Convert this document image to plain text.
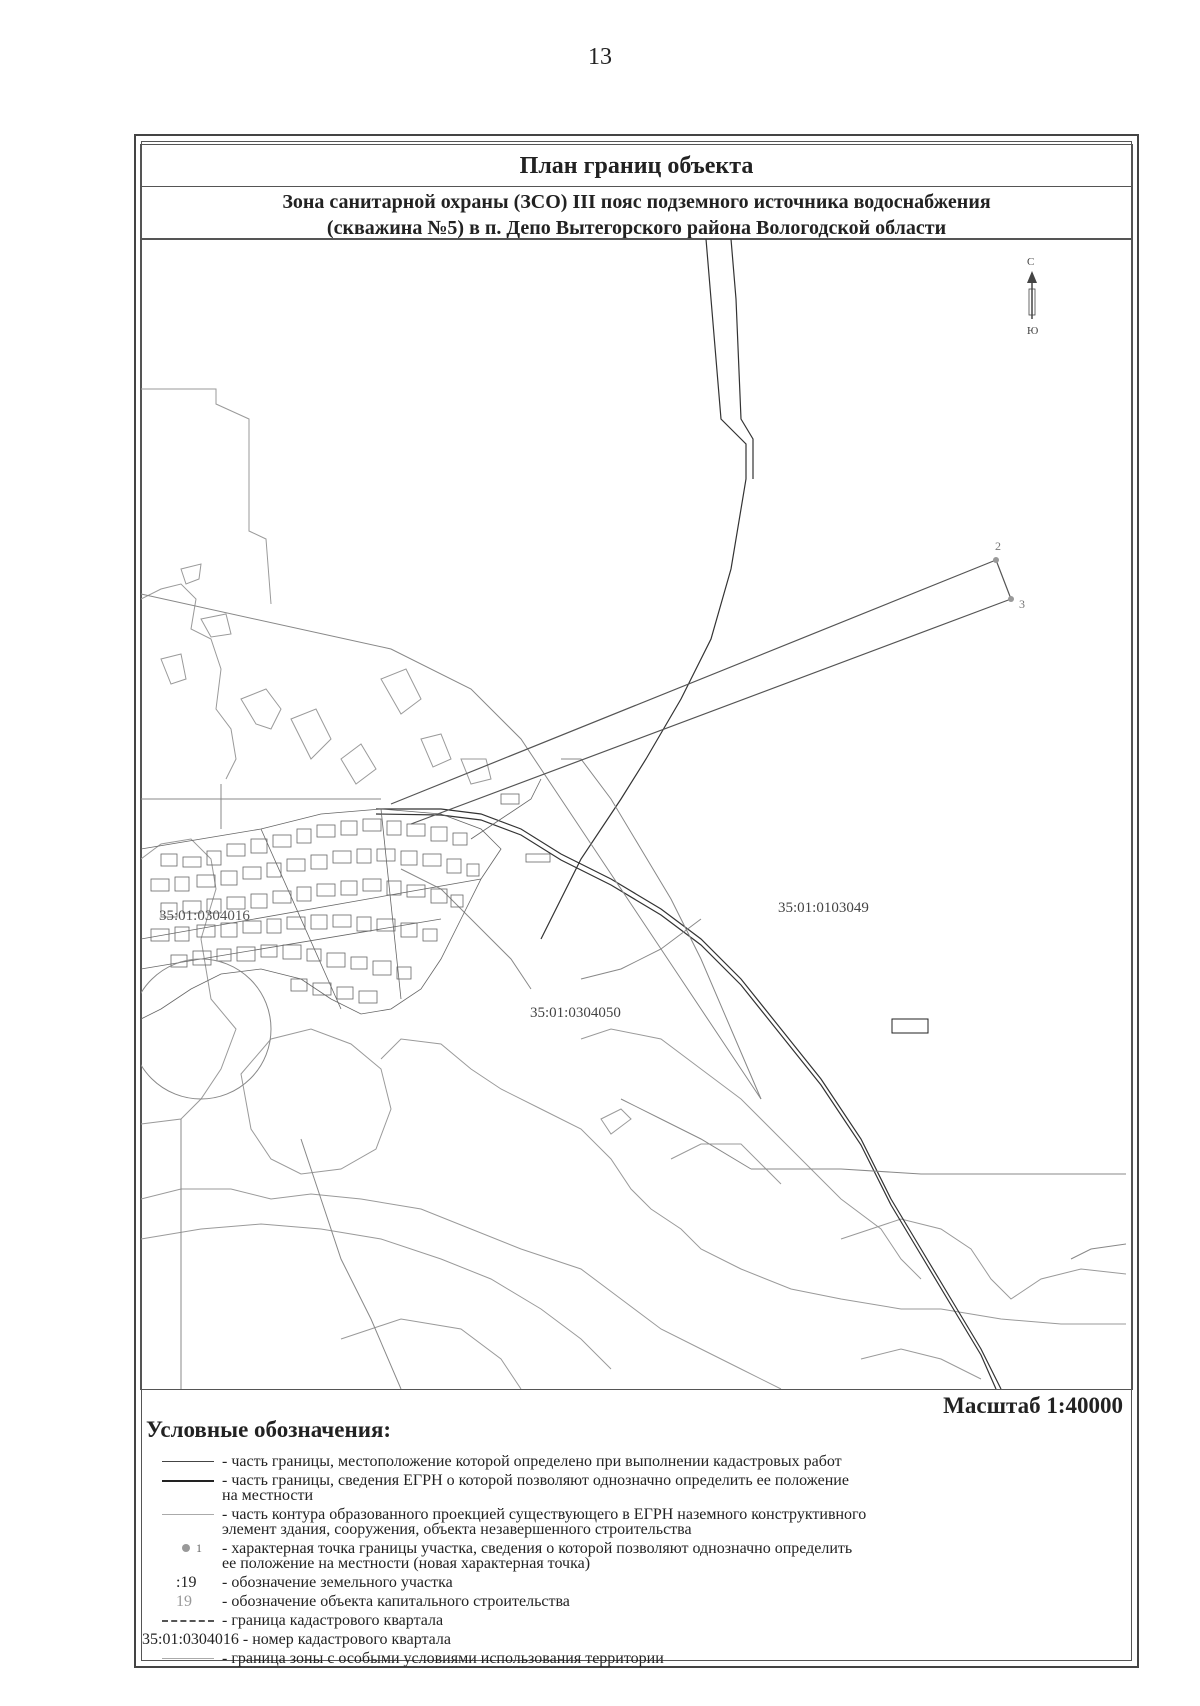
13
План границ объекта
Зона санитарной охраны (ЗСО) III пояс подземного источника водоснабжения
(скважина №5) в п. Депо Вытегорского района Вологодской области
2
3
35:01:0103049
35:01:0304050
35:01:0304016
С
Ю
Масштаб 1:40000
Условные обозначения:
- часть границы, местоположение которой определено при выполнении кадастровых работ
- часть границы, сведения ЕГРН о которой позволяют однозначно определить ее положение
на местности
- часть контура образованного проекцией существующего в ЕГРН наземного конструктивного
элемент здания, сооружения, объекта незавершенного строительства
1 - характерная точка границы участка, сведения о которой позволяют однозначно определить
ее положение на местности (новая характерная точка)
:19 - обозначение земельного участка
19 - обозначение объекта капитального строительства
- граница кадастрового квартала
35:01:0304016 - номер кадастрового квартала
- граница зоны с особыми условиями использования территории
